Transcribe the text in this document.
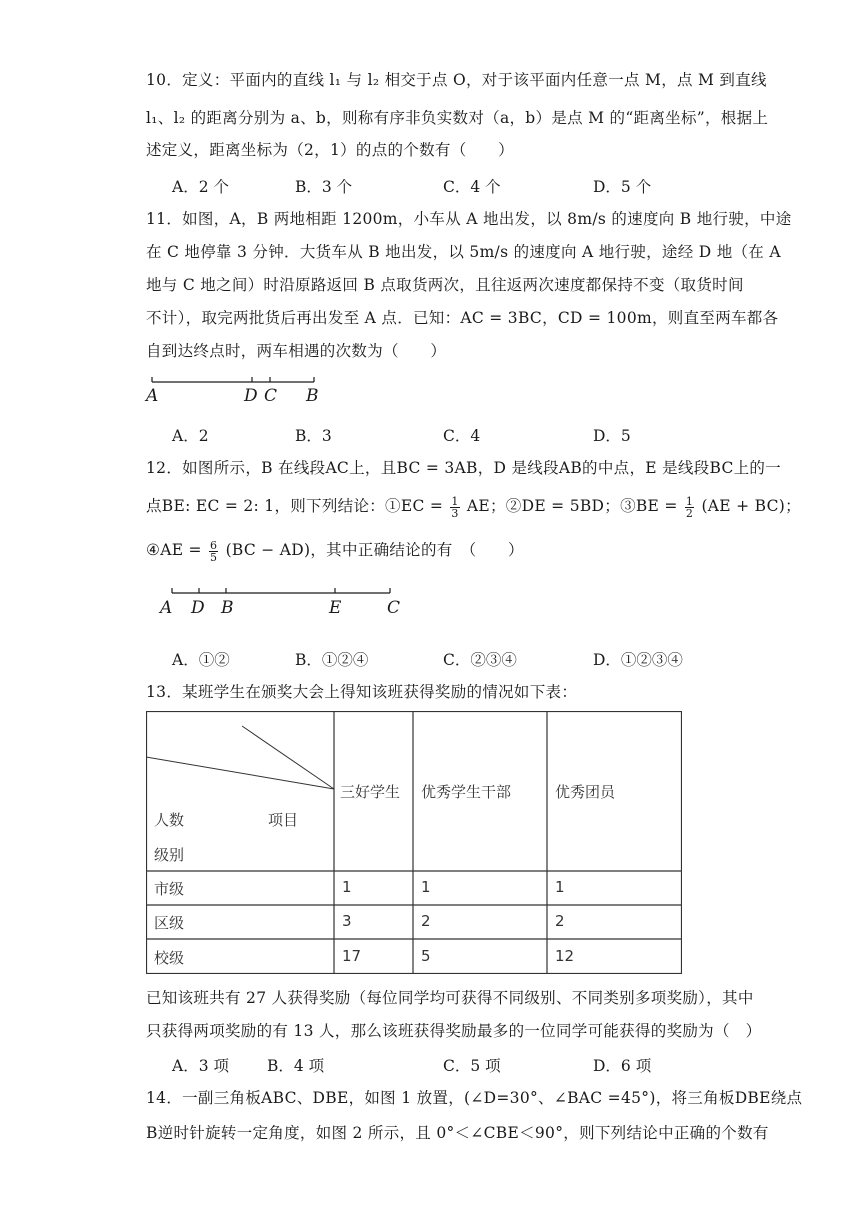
10．定义：平面内的直线 l₁ 与 l₂ 相交于点 O，对于该平面内任意一点 M，点 M 到直线
l₁、l₂ 的距离分别为 a、b，则称有序非负实数对（a，b）是点 M 的“距离坐标”，根据上
述定义，距离坐标为（2，1）的点的个数有（　　）
A．2 个	B．3 个	C．4 个	D．5 个
11．如图，A，B 两地相距 1200m，小车从 A 地出发，以 8m/s 的速度向 B 地行驶，中途
在 C 地停靠 3 分钟．大货车从 B 地出发，以 5m/s 的速度向 A 地行驶，途经 D 地（在 A
地与 C 地之间）时沿原路返回 B 点取货两次，且往返两次速度都保持不变（取货时间
不计），取完两批货后再出发至 A 点．已知：AC = 3BC，CD = 100m，则直至两车都各
自到达终点时，两车相遇的次数为（　　）
A	D C B
A．2	B．3	C．4	D．5
12．如图所示，B 在线段AC上，且BC = 3AB，D 是线段AB的中点，E 是线段BC上的一
点BE: EC = 2: 1，则下列结论：①EC = $\frac{1}{3}$ AE；②DE = 5BD；③BE = $\frac{1}{2} (AE + BC)$；
④AE = $\frac{6}{5} (BC - AD)$，其中正确结论的有　（　　）
A D B	E	C
A．①②	B．①②④	C．②③④	D．①②③④
13．某班学生在颁奖大会上得知该班获得奖励的情况如下表：
项目
人数
级别
三好学生 优秀学生干部	优秀团员
市级	1	1	1
区级	3	2	2
校级	17	5	12
已知该班共有 27 人获得奖励（每位同学均可获得不同级别、不同类别多项奖励），其中
只获得两项奖励的有 13 人，那么该班获得奖励最多的一位同学可能获得的奖励为（　）
A．3 项 B．4 项	C．5 项	D．6 项
14．一副三角板ABC、DBE，如图 1 放置，(∠D=30°、∠BAC =45°)，将三角板DBE绕点
B逆时针旋转一定角度，如图 2 所示，且 0°＜∠CBE＜90°，则下列结论中正确的个数有
